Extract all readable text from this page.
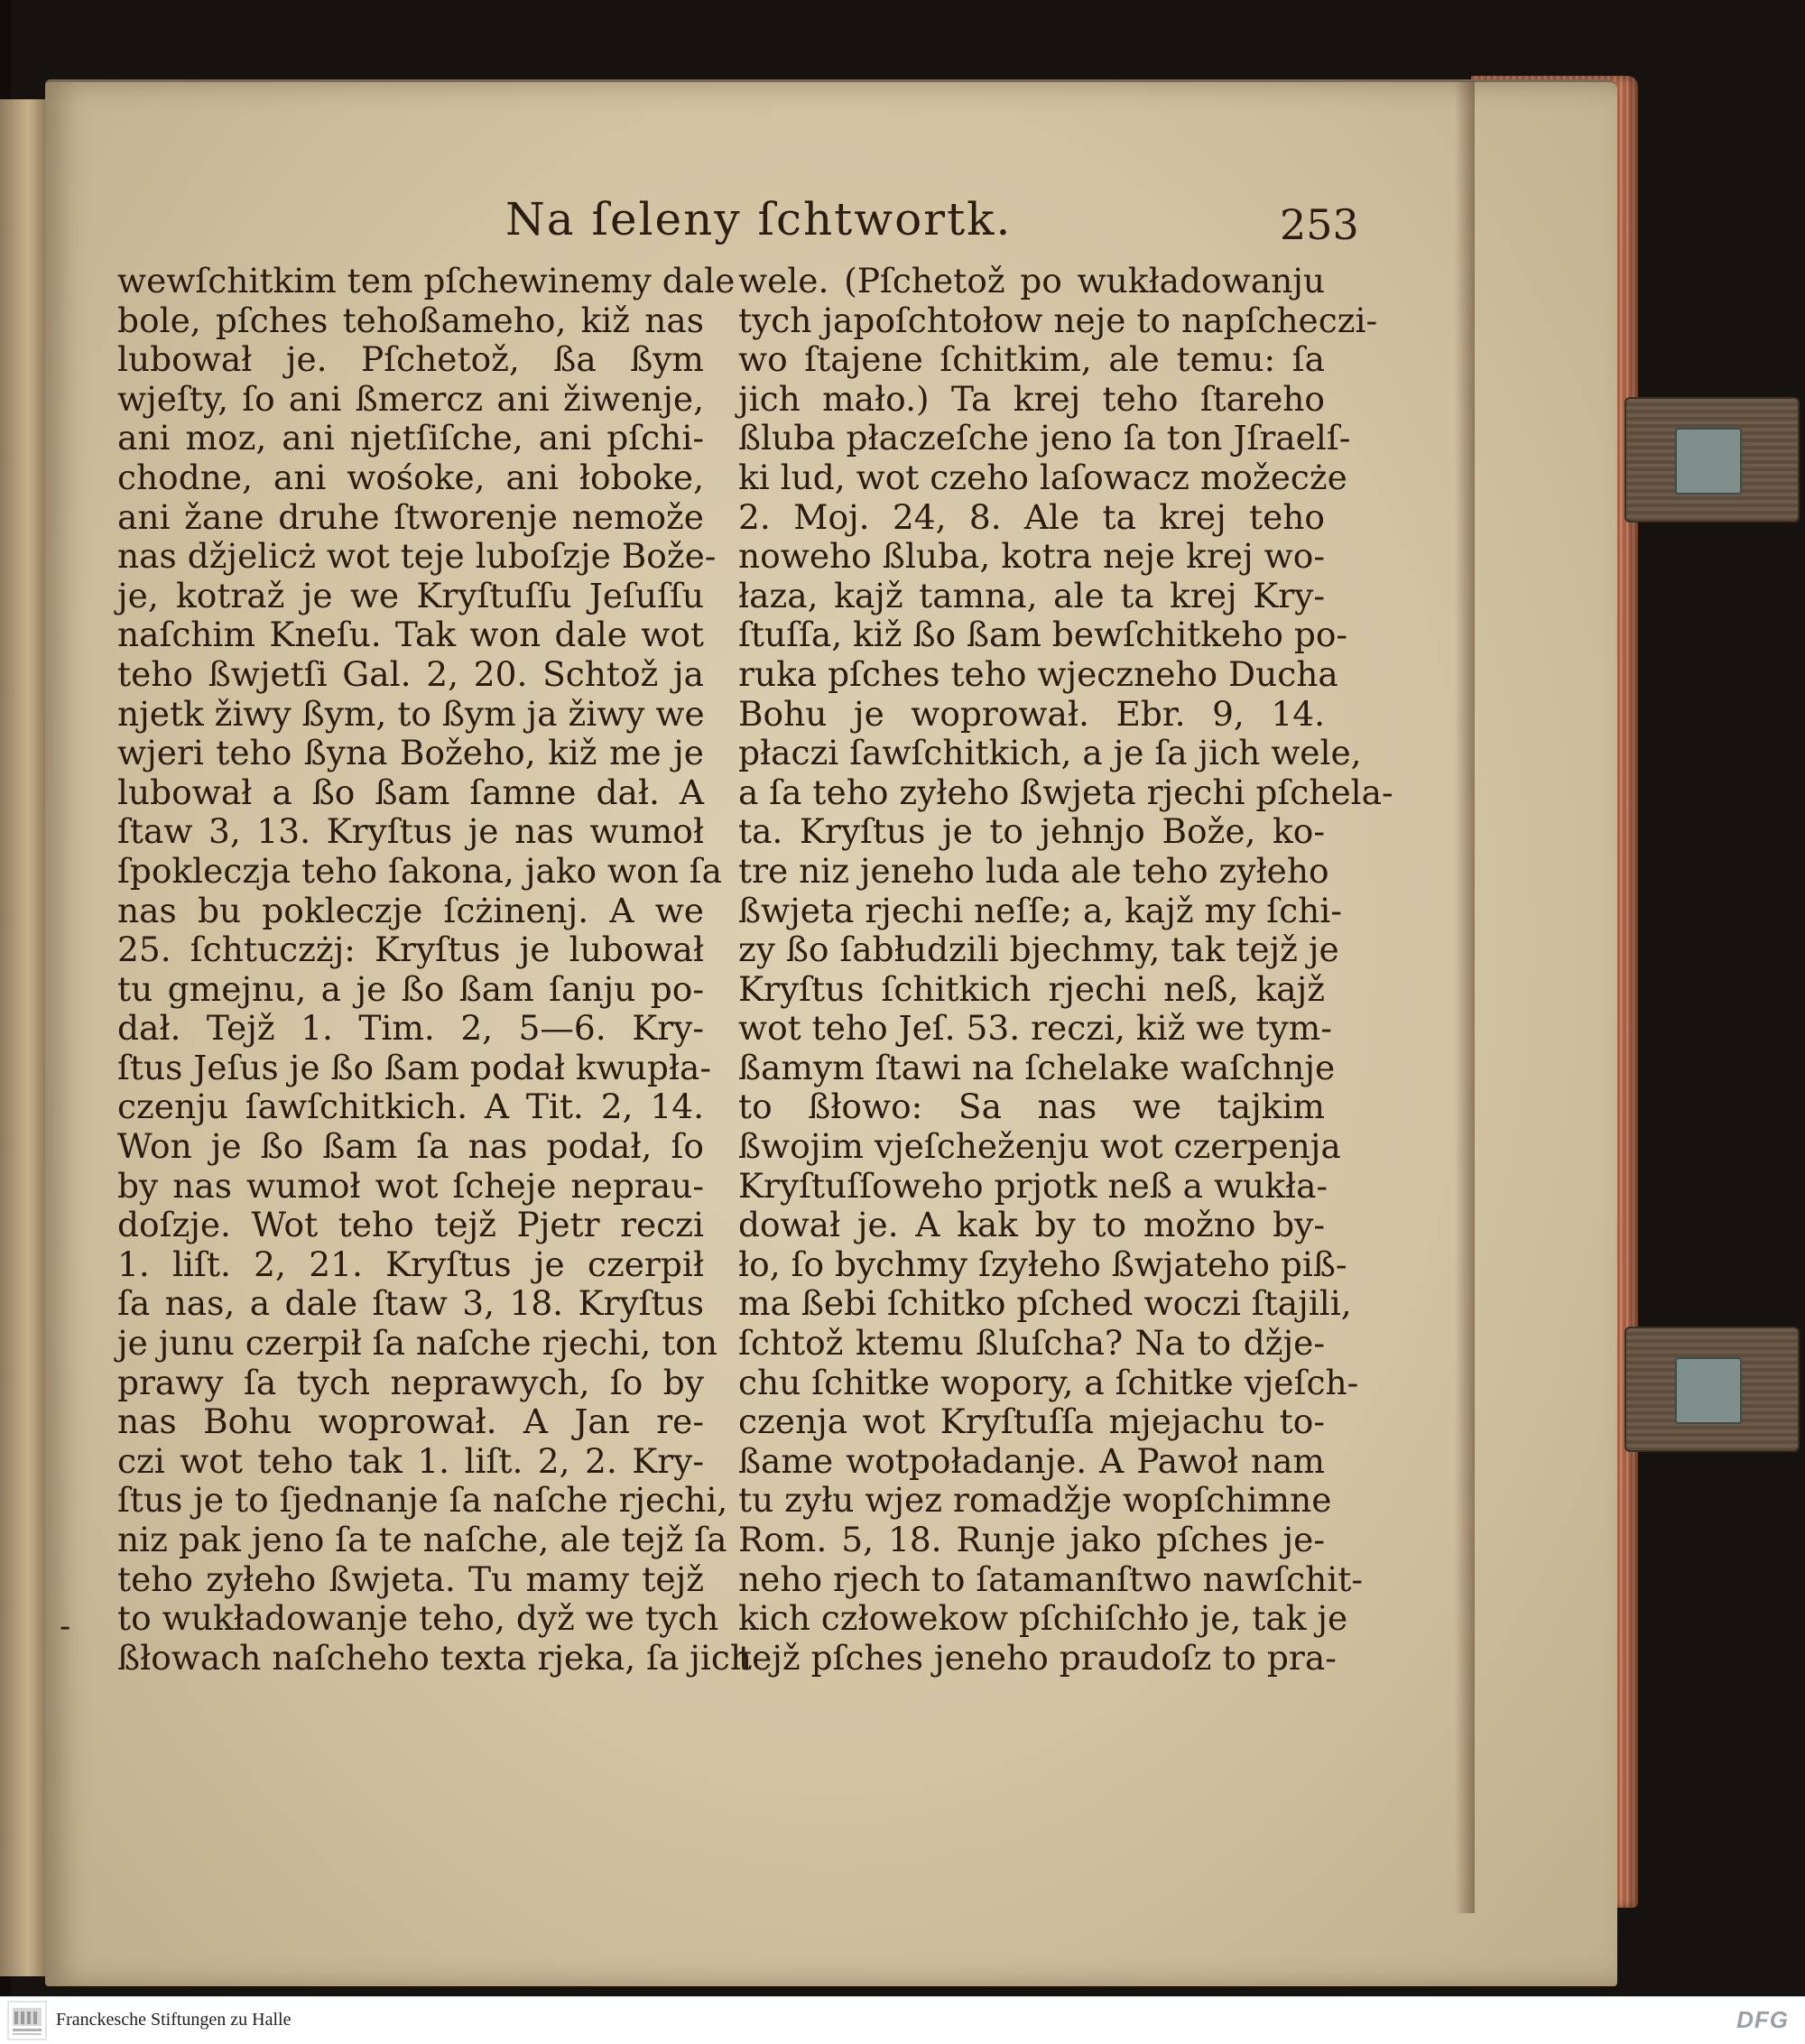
Na ſeleny ſchtwortk.	253
wewſchitkim tem pſchewinemy dale
bole, pſches tehoßameho, kiž nas
lubował je. Pſchetož, ßa ßym
wjeſty, ſo ani ßmercz ani žiwenje,
ani moz, ani njetſiſche, ani pſchi-
chodne, ani wośoke, ani łoboke,
ani žane druhe ſtworenje nemože
nas džjelicż wot teje luboſzje Bože-
je, kotraž je we Kryſtuſſu Jeſuſſu
naſchim Kneſu. Tak won dale wot
teho ßwjetſi Gal. 2, 20. Schtož ja
njetk žiwy ßym, to ßym ja žiwy we
wjeri teho ßyna Božeho, kiž me je
lubował a ßo ßam ſamne dał. A
ſtaw 3, 13. Kryſtus je nas wumoł
ſpokleczja teho ſakona, jako won ſa
nas bu pokleczje ſcżinenj. A we
25. ſchtuczżj: Kryſtus je lubował
tu gmejnu, a je ßo ßam ſanju po-
dał. Tejž 1. Tim. 2, 5—6. Kry-
ſtus Jeſus je ßo ßam podał kwupła-
czenju ſawſchitkich. A Tit. 2, 14.
Won je ßo ßam ſa nas podał, ſo
by nas wumoł wot ſcheje neprau-
doſzje. Wot teho tejž Pjetr reczi
1. liſt. 2, 21. Kryſtus je czerpił
ſa nas, a dale ſtaw 3, 18. Kryſtus
je junu czerpił ſa naſche rjechi, ton
prawy ſa tych neprawych, ſo by
nas Bohu woprował. A Jan re-
czi wot teho tak 1. liſt. 2, 2. Kry-
ſtus je to ſjednanje ſa naſche rjechi,
niz pak jeno ſa te naſche, ale tejž ſa
teho zyłeho ßwjeta. Tu mamy tejž
to wukładowanje teho, dyž we tych
ßłowach naſcheho texta rjeka, ſa jich
wele. (Pſchetož po wukładowanju
tych japoſchtołow neje to napſcheczi-
wo ſtajene ſchitkim, ale temu: ſa
jich mało.) Ta krej teho ſtareho
ßluba płaczeſche jeno ſa ton Jſraelſ-
ki lud, wot czeho laſowacz možecże
2. Moj. 24, 8. Ale ta krej teho
noweho ßluba, kotra neje krej wo-
łaza, kajž tamna, ale ta krej Kry-
ſtuſſa, kiž ßo ßam bewſchitkeho po-
ruka pſches teho wjeczneho Ducha
Bohu je woprował. Ebr. 9, 14.
płaczi ſawſchitkich, a je ſa jich wele,
a ſa teho zyłeho ßwjeta rjechi pſchela-
ta. Kryſtus je to jehnjo Bože, ko-
tre niz jeneho luda ale teho zyłeho
ßwjeta rjechi neſſe; a, kajž my ſchi-
zy ßo ſabłudzili bjechmy, tak tejž je
Kryſtus ſchitkich rjechi neß, kajž
wot teho Jeſ. 53. reczi, kiž we tym-
ßamym ſtawi na ſchelake waſchnje
to ßłowo: Sa nas we tajkim
ßwojim vjeſcheženju wot czerpenja
Kryſtuſſoweho prjotk neß a wukła-
dował je. A kak by to možno by-
ło, ſo bychmy ſzyłeho ßwjateho piß-
ma ßebi ſchitko pſched woczi ſtajili,
ſchtož ktemu ßluſcha? Na to džje-
chu ſchitke wopory, a ſchitke vjeſch-
czenja wot Kryſtuſſa mjejachu to-
ßame wotpoładanje. A Pawoł nam
tu zyłu wjez romadžje wopſchimne
Rom. 5, 18. Runje jako pſches je-
neho rjech to ſatamanſtwo nawſchit-
kich człowekow pſchiſchło je, tak je
tejž pſches jeneho praudoſz to pra-
-
Franckesche Stiftungen zu Halle	DFG
